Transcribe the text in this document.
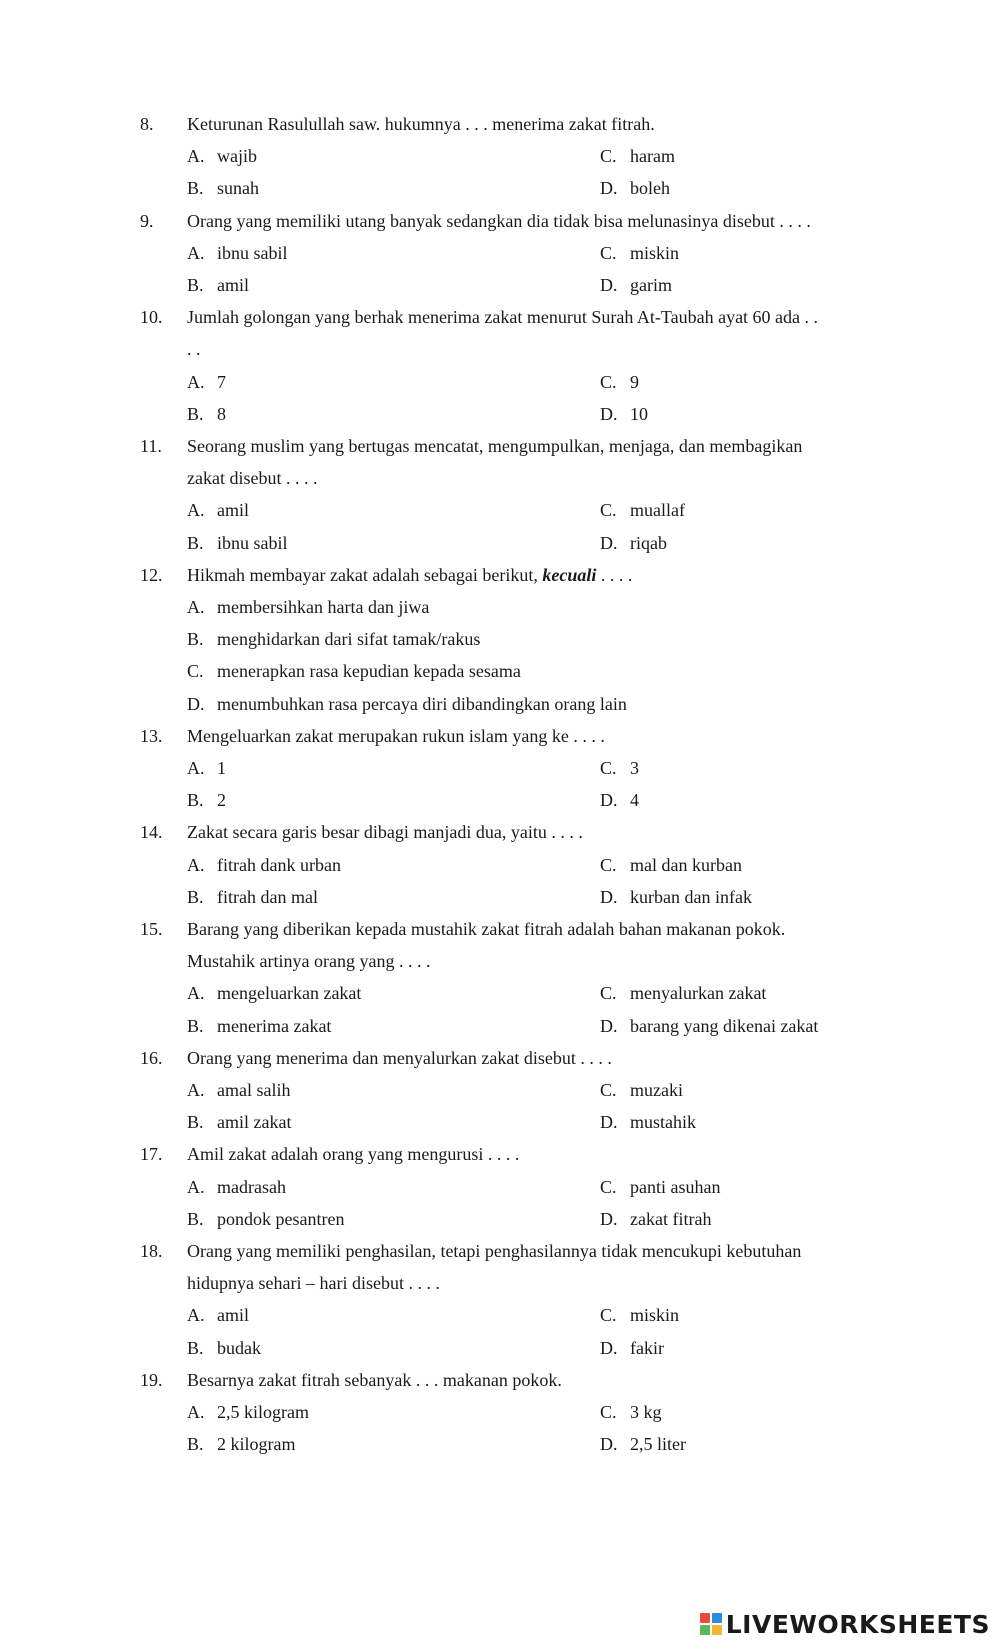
8. Keturunan Rasulullah saw. hukumnya . . . menerima zakat fitrah.
A. wajib	C. haram
B. sunah	D. boleh
9. Orang yang memiliki utang banyak sedangkan dia tidak bisa melunasinya disebut . . . .
A. ibnu sabil	C. miskin
B. amil	D. garim
10. Jumlah golongan yang berhak menerima zakat menurut Surah At-Taubah ayat 60 ada . .
. .
A. 7	C. 9
B. 8	D. 10
11. Seorang muslim yang bertugas mencatat, mengumpulkan, menjaga, dan membagikan
zakat disebut . . . .
A. amil	C. muallaf
B. ibnu sabil	D. riqab
12. Hikmah membayar zakat adalah sebagai berikut, kecuali . . . .
A. membersihkan harta dan jiwa
B. menghidarkan dari sifat tamak/rakus
C. menerapkan rasa kepudian kepada sesama
D. menumbuhkan rasa percaya diri dibandingkan orang lain
13. Mengeluarkan zakat merupakan rukun islam yang ke . . . .
A. 1	C. 3
B. 2	D. 4
14. Zakat secara garis besar dibagi manjadi dua, yaitu . . . .
A. fitrah dank urban	C. mal dan kurban
B. fitrah dan mal	D. kurban dan infak
15. Barang yang diberikan kepada mustahik zakat fitrah adalah bahan makanan pokok.
Mustahik artinya orang yang . . . .
A. mengeluarkan zakat	C. menyalurkan zakat
B. menerima zakat	D. barang yang dikenai zakat
16. Orang yang menerima dan menyalurkan zakat disebut . . . .
A. amal salih	C. muzaki
B. amil zakat	D. mustahik
17. Amil zakat adalah orang yang mengurusi . . . .
A. madrasah	C. panti asuhan
B. pondok pesantren	D. zakat fitrah
18. Orang yang memiliki penghasilan, tetapi penghasilannya tidak mencukupi kebutuhan
hidupnya sehari – hari disebut . . . .
A. amil	C. miskin
B. budak	D. fakir
19. Besarnya zakat fitrah sebanyak . . . makanan pokok.
A. 2,5 kilogram	C. 3 kg
B. 2 kilogram	D. 2,5 liter
LIVEWORKSHEETS
